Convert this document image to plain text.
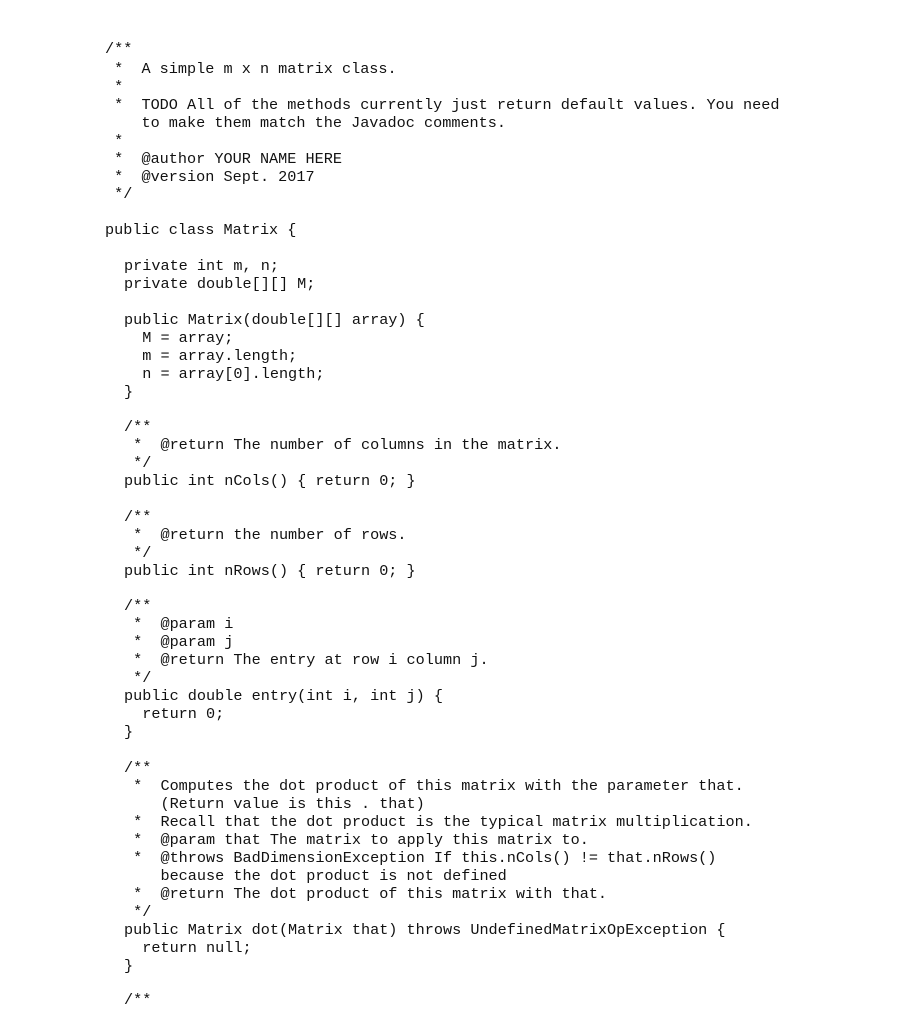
/**
*  A simple m x n matrix class.
*
*  TODO All of the methods currently just return default values. You need
to make them match the Javadoc comments.
*
*  @author YOUR NAME HERE
*  @version Sept. 2017
*/
public class Matrix {
private int m, n;
private double[][] M;
public Matrix(double[][] array) {
M = array;
m = array.length;
n = array[0].length;
}
/**
*  @return The number of columns in the matrix.
*/
public int nCols() { return 0; }
/**
*  @return the number of rows.
*/
public int nRows() { return 0; }
/**
*  @param i
*  @param j
*  @return The entry at row i column j.
*/
public double entry(int i, int j) {
return 0;
}
/**
*  Computes the dot product of this matrix with the parameter that.
(Return value is this . that)
*  Recall that the dot product is the typical matrix multiplication.
*  @param that The matrix to apply this matrix to.
*  @throws BadDimensionException If this.nCols() != that.nRows()
because the dot product is not defined
*  @return The dot product of this matrix with that.
*/
public Matrix dot(Matrix that) throws UndefinedMatrixOpException {
return null;
}
/**
